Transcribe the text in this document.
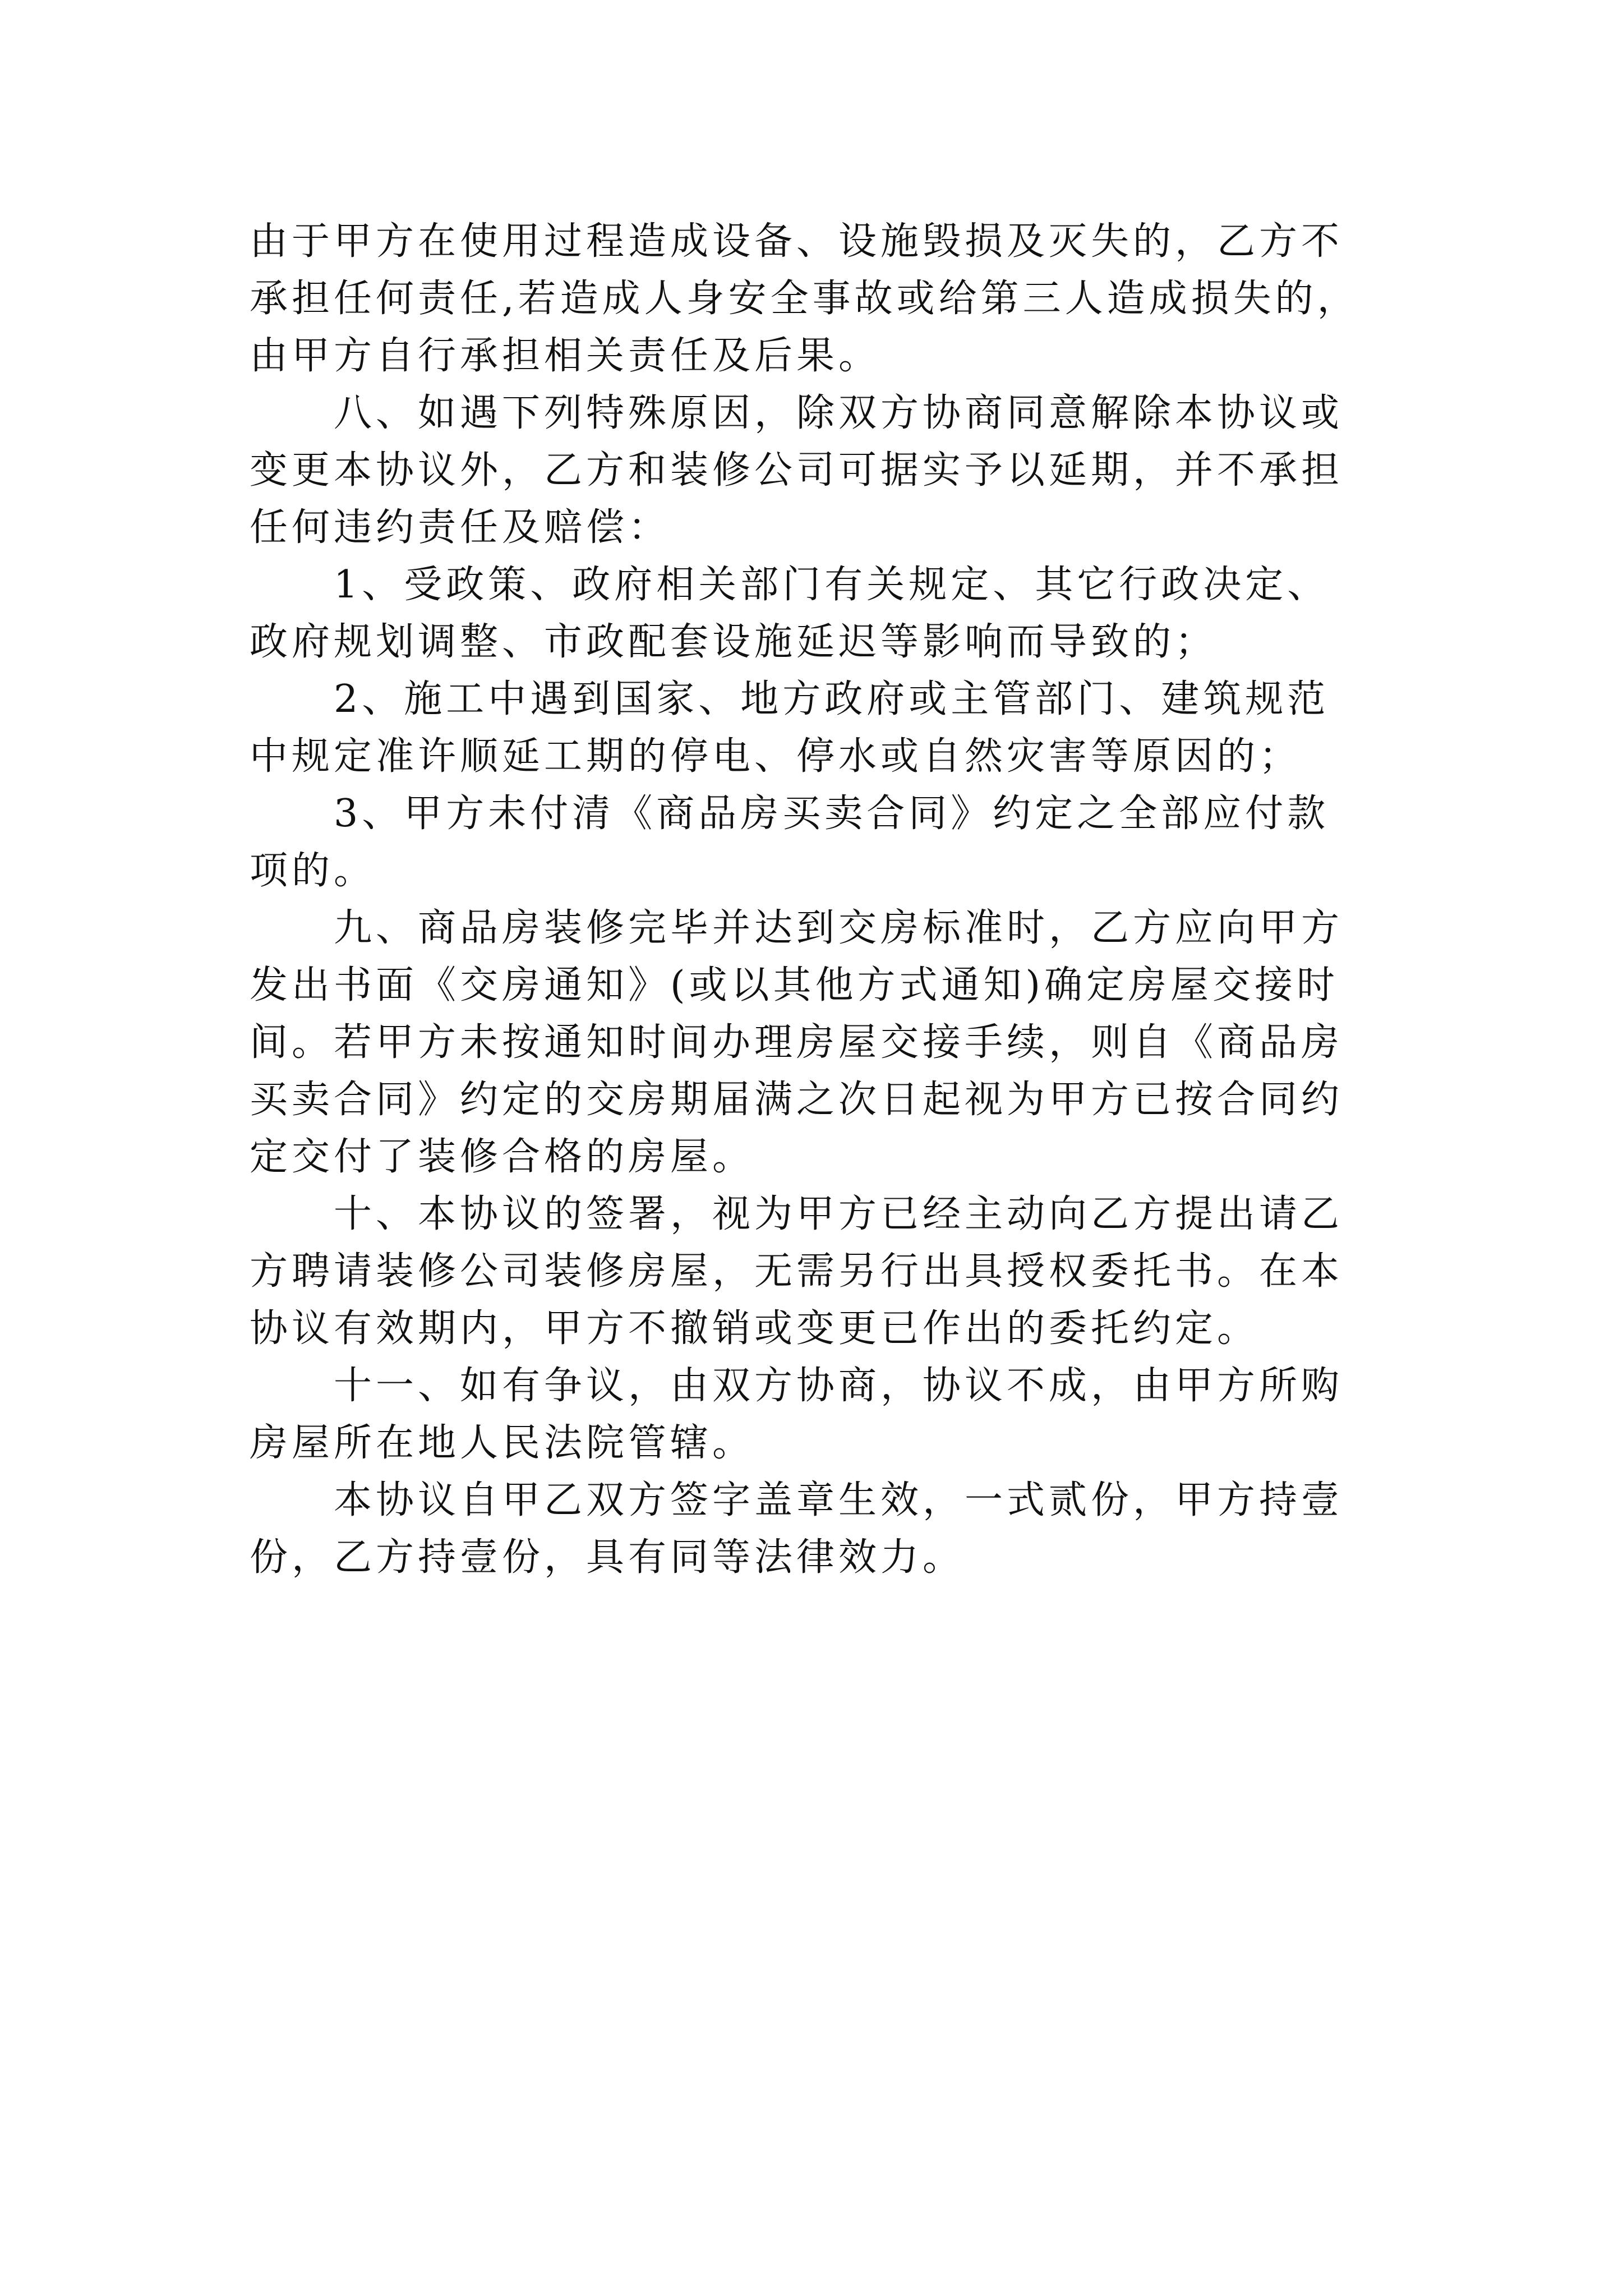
由于甲方在使用过程造成设备、设施毁损及灭失的，乙方不
承担任何责任,若造成人身安全事故或给第三人造成损失的，
由甲方自行承担相关责任及后果。
八、如遇下列特殊原因，除双方协商同意解除本协议或
变更本协议外，乙方和装修公司可据实予以延期，并不承担
任何违约责任及赔偿：
1、受政策、政府相关部门有关规定、其它行政决定、
政府规划调整、市政配套设施延迟等影响而导致的；
2、施工中遇到国家、地方政府或主管部门、建筑规范
中规定准许顺延工期的停电、停水或自然灾害等原因的；
3、甲方未付清《商品房买卖合同》约定之全部应付款
项的。
九、商品房装修完毕并达到交房标准时，乙方应向甲方
发出书面《交房通知》(或以其他方式通知)确定房屋交接时
间。若甲方未按通知时间办理房屋交接手续，则自《商品房
买卖合同》约定的交房期届满之次日起视为甲方已按合同约
定交付了装修合格的房屋。
十、本协议的签署，视为甲方已经主动向乙方提出请乙
方聘请装修公司装修房屋，无需另行出具授权委托书。在本
协议有效期内，甲方不撤销或变更已作出的委托约定。
十一、如有争议，由双方协商，协议不成，由甲方所购
房屋所在地人民法院管辖。
本协议自甲乙双方签字盖章生效，一式贰份，甲方持壹
份，乙方持壹份，具有同等法律效力。
